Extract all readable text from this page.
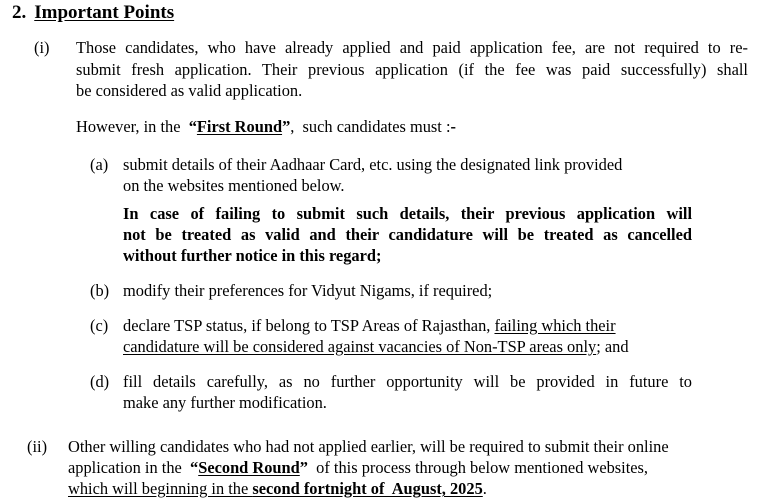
2. Important Points
(i) Those candidates, who have already applied and paid application fee, are not required to re-
submit fresh application. Their previous application (if the fee was paid successfully) shall
be considered as valid application.
However, in the  “First Round”,  such candidates must :-
(a) submit details of their Aadhaar Card, etc. using the designated link provided
on the websites mentioned below.
In case of failing to submit such details, their previous application will
not be treated as valid and their candidature will be treated as cancelled
without further notice in this regard;
(b) modify their preferences for Vidyut Nigams, if required;
(c) declare TSP status, if belong to TSP Areas of Rajasthan, failing which their
candidature will be considered against vacancies of Non-TSP areas only; and
(d) fill details carefully, as no further opportunity will be provided in future to
make any further modification.
(ii) Other willing candidates who had not applied earlier, will be required to submit their online
application in the  “Second Round”  of this process through below mentioned websites,
which will beginning in the second fortnight of  August, 2025.
